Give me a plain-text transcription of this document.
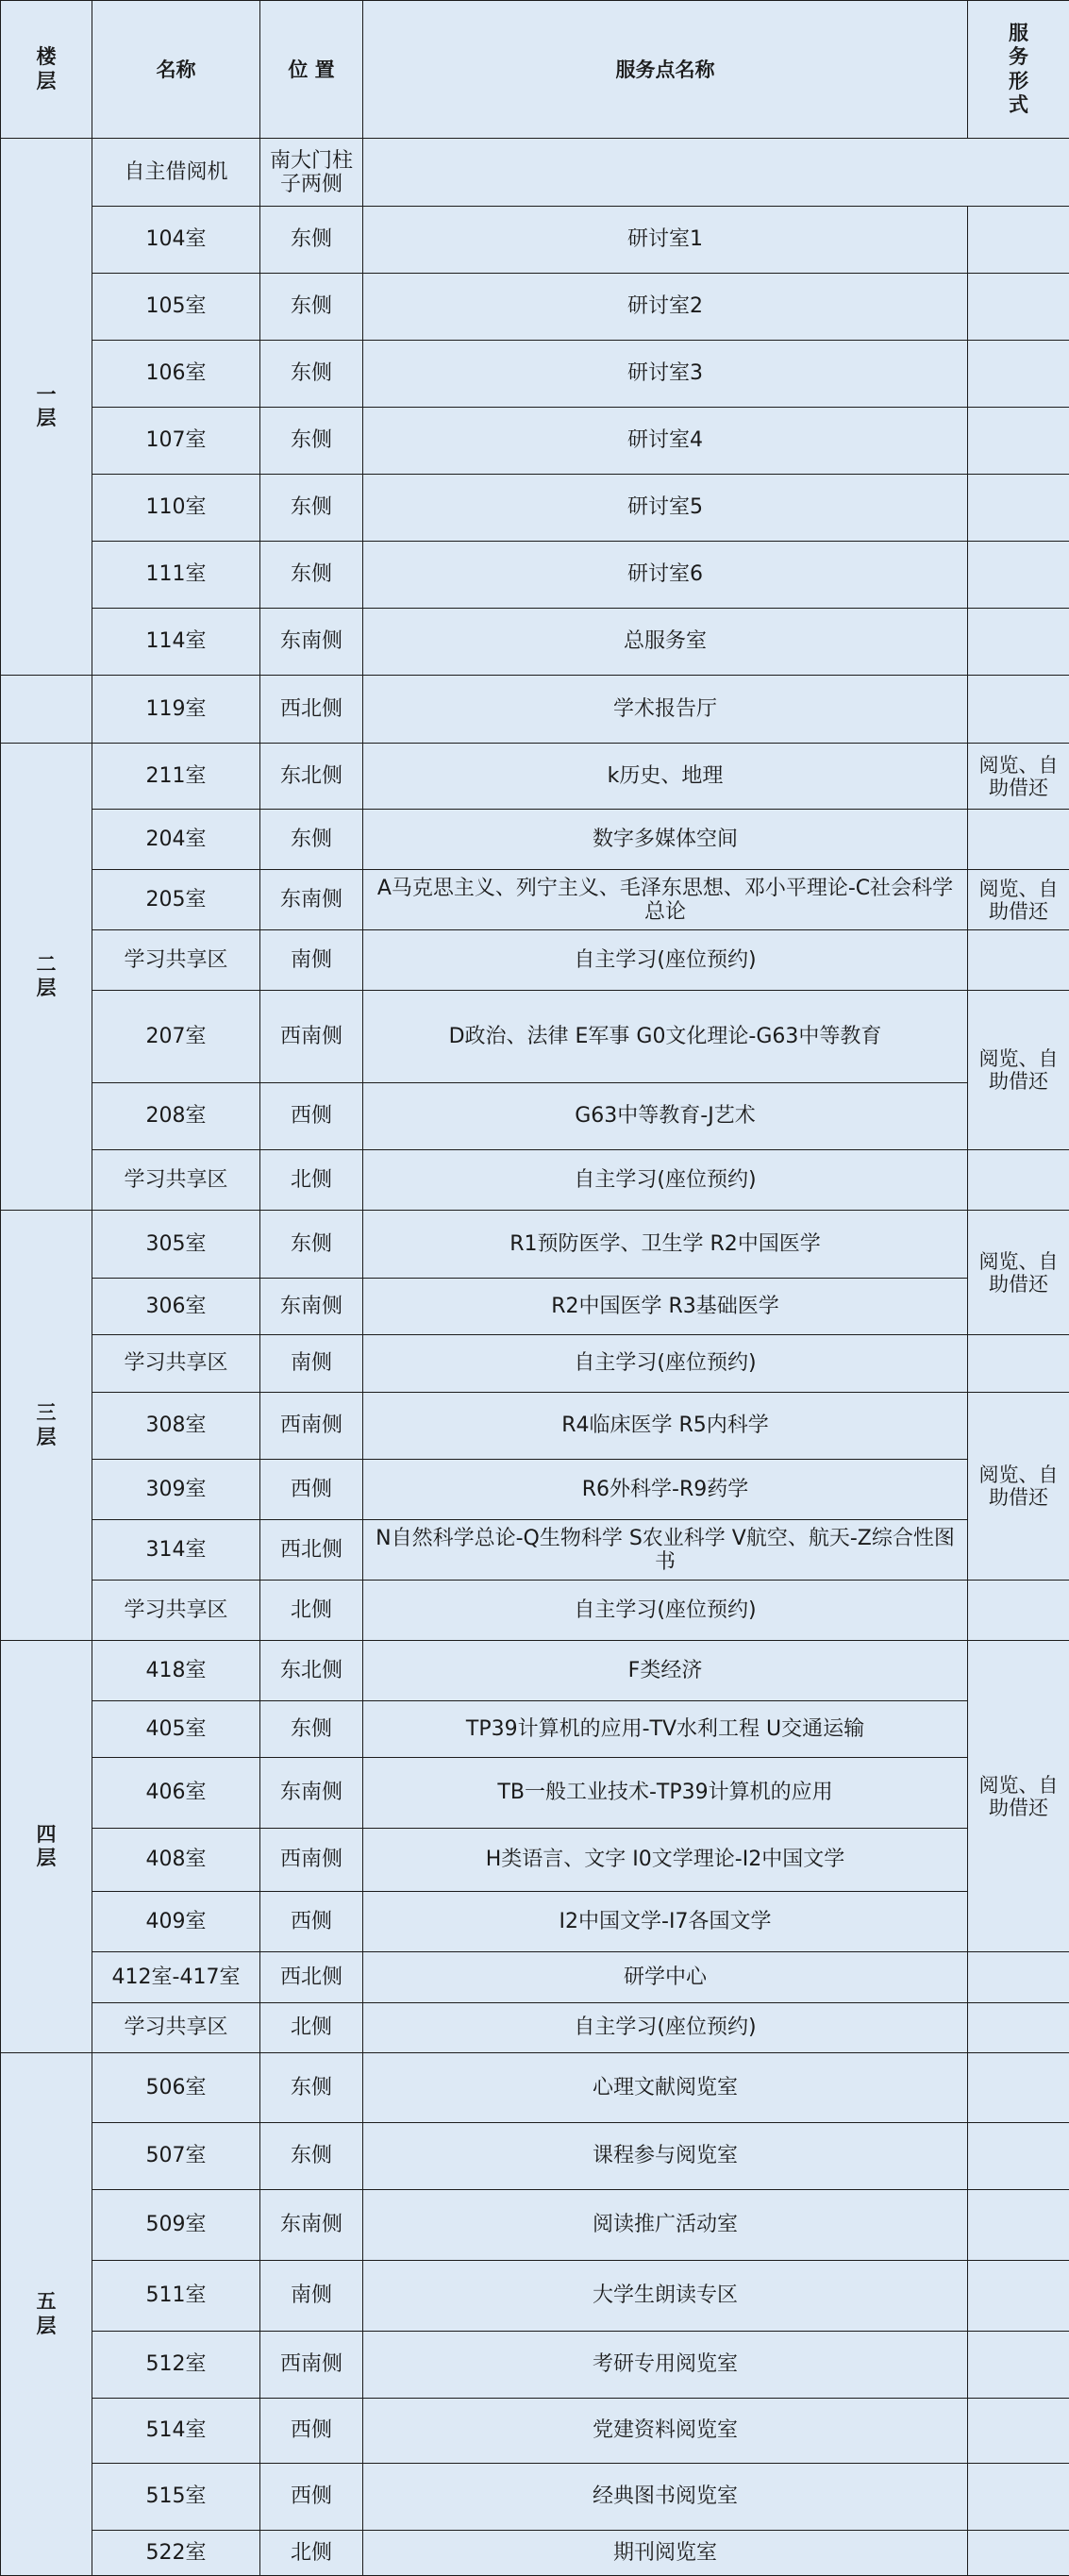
楼层	名称	位 置	服务点名称	服务形式
一层	自主借阅机	南大门柱子两侧		
	104室	东侧	研讨室1	
	105室	东侧	研讨室2	
	106室	东侧	研讨室3	
	107室	东侧	研讨室4	
	110室	东侧	研讨室5	
	111室	东侧	研讨室6	
	114室	东南侧	总服务室	
	119室	西北侧	学术报告厅	
二层	211室	东北侧	k历史、地理	阅览、自助借还
	204室	东侧	数字多媒体空间	
	205室	东南侧	A马克思主义、列宁主义、毛泽东思想、邓小平理论-C社会科学总论	阅览、自助借还
	学习共享区	南侧	自主学习(座位预约)	
	207室	西南侧	D政治、法律 E军事 G0文化理论-G63中等教育	阅览、自助借还
	208室	西侧	G63中等教育-J艺术	
	学习共享区	北侧	自主学习(座位预约)	
三层	305室	东侧	R1预防医学、卫生学 R2中国医学	阅览、自助借还
	306室	东南侧	R2中国医学 R3基础医学	
	学习共享区	南侧	自主学习(座位预约)	
	308室	西南侧	R4临床医学 R5内科学	阅览、自助借还
	309室	西侧	R6外科学-R9药学	
	314室	西北侧	N自然科学总论-Q生物科学 S农业科学 V航空、航天-Z综合性图书	
	学习共享区	北侧	自主学习(座位预约)	
四层	418室	东北侧	F类经济	阅览、自助借还
	405室	东侧	TP39计算机的应用-TV水利工程 U交通运输	
	406室	东南侧	TB一般工业技术-TP39计算机的应用	
	408室	西南侧	H类语言、文字 I0文学理论-I2中国文学	
	409室	西侧	I2中国文学-I7各国文学	
	412室-417室	西北侧	研学中心	
	学习共享区	北侧	自主学习(座位预约)	
五层	506室	东侧	心理文献阅览室	
	507室	东侧	课程参与阅览室	
	509室	东南侧	阅读推广活动室	
	511室	南侧	大学生朗读专区	
	512室	西南侧	考研专用阅览室	
	514室	西侧	党建资料阅览室	
	515室	西侧	经典图书阅览室	
	522室	北侧	期刊阅览室	
